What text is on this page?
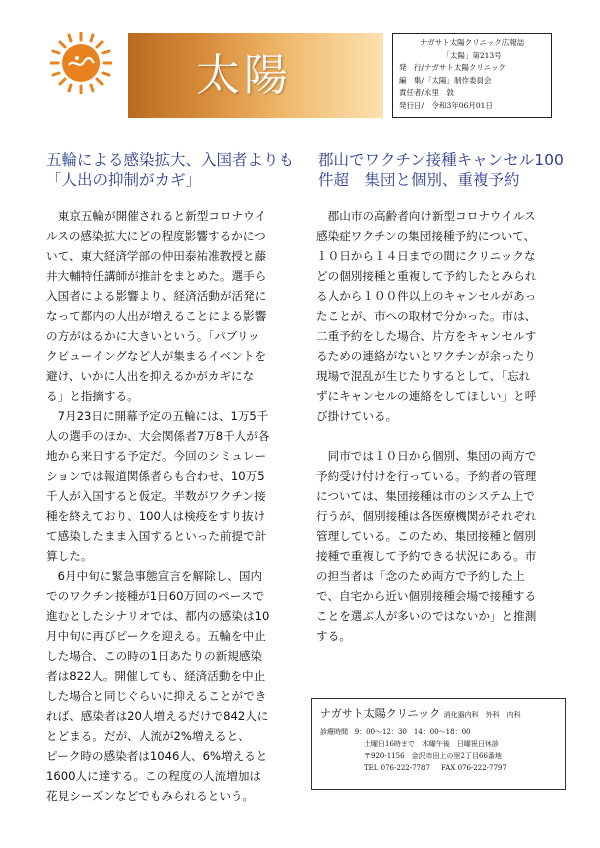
太陽
ナガサト太陽クリニック広報誌
「太陽」第213号
発　行/ナガサト太陽クリニック
編　集/「太陽」制作委員会
責任者/永里　敦
発行日/　令和3年06月01日
五輪による感染拡大、入国者よりも
「人出の抑制がカギ」
郡山でワクチン接種キャンセル100
件超　集団と個別、重複予約
　東京五輪が開催されると新型コロナウイ
ルスの感染拡大にどの程度影響するかにつ
いて、東大経済学部の仲田泰祐准教授と藤
井大輔特任講師が推計をまとめた。選手ら
入国者による影響より、経済活動が活発に
なって都内の人出が増えることによる影響
の方がはるかに大きいという。「パブリッ
クビューイングなど人が集まるイベントを
避け、いかに人出を抑えるかがカギにな
る」と指摘する。
　7月23日に開幕予定の五輪には、1万5千
人の選手のほか、大会関係者7万8千人が各
地から来日する予定だ。今回のシミュレー
ションでは報道関係者らも合わせ、10万5
千人が入国すると仮定。半数がワクチン接
種を終えており、100人は検疫をすり抜け
て感染したまま入国するといった前提で計
算した。
　6月中旬に緊急事態宣言を解除し、国内
でのワクチン接種が1日60万回のペースで
進むとしたシナリオでは、都内の感染は10
月中旬に再びピークを迎える。五輪を中止
した場合、この時の1日あたりの新規感染
者は822人。開催しても、経済活動を中止
した場合と同じぐらいに抑えることができ
れば、感染者は20人増えるだけで842人に
とどまる。だが、人流が2%増えると、
ピーク時の感染者は1046人、6%増えると
1600人に達する。この程度の人流増加は
花見シーズンなどでもみられるという。
　郡山市の高齢者向け新型コロナウイルス
感染症ワクチンの集団接種予約について、
１０日から１４日までの間にクリニックな
どの個別接種と重複して予約したとみられ
る人から１００件以上のキャンセルがあっ
たことが、市への取材で分かった。市は、
二重予約をした場合、片方をキャンセルす
るための連絡がないとワクチンが余ったり
現場で混乱が生じたりするとして、「忘れ
ずにキャンセルの連絡をしてほしい」と呼
び掛けている。
　同市では１０日から個別、集団の両方で
予約受け付けを行っている。予約者の管理
については、集団接種は市のシステム上で
行うが、個別接種は各医療機関がそれぞれ
管理している。このため、集団接種と個別
接種で重複して予約できる状況にある。市
の担当者は「念のため両方で予約した上
で、自宅から近い個別接種会場で接種する
ことを選ぶ人が多いのではないか」と推測
する。
ナガサト太陽クリニック 消化器内科　外科　内科
診療時間 9：00～12：30　14：00～18：00
土曜日16時まで　木曜午後　日曜祝日休診
〒920-1156　金沢市田上の里2丁目66番地
TEL 076-222-7787 FAX 076-222-7797
